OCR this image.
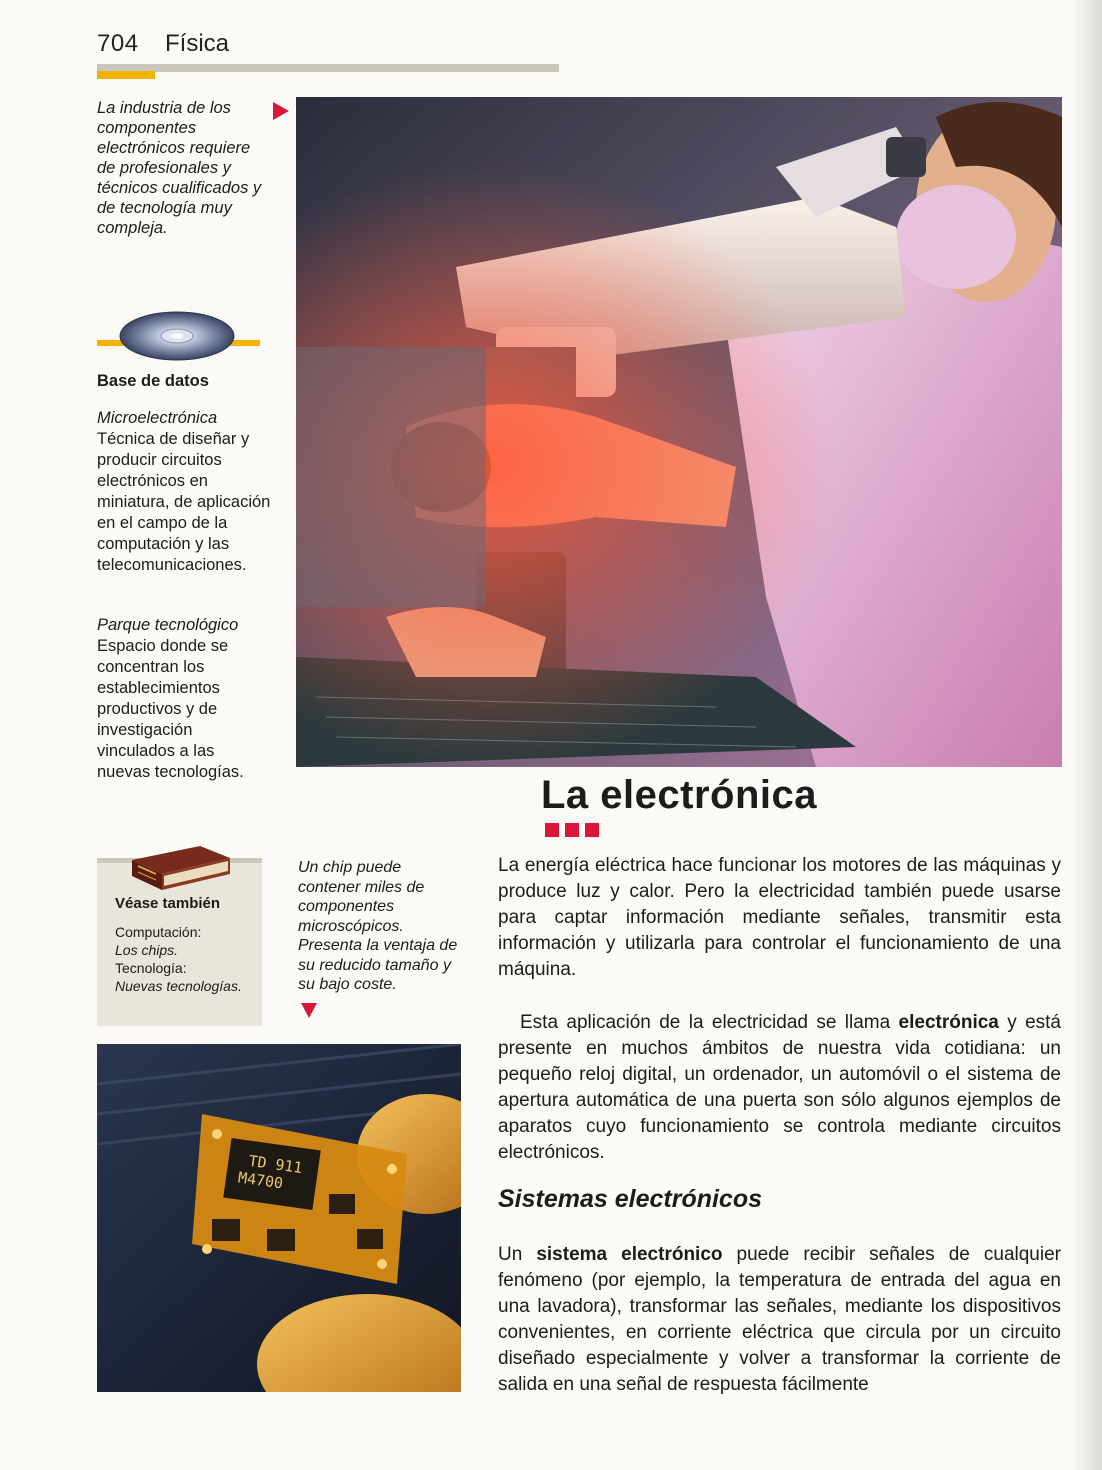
704 Física
La industria de los componentes electrónicos requiere de profesionales y técnicos cualificados y de tecnología muy compleja.
Base de datos
Microelectrónica
Técnica de diseñar y producir circuitos electrónicos en miniatura, de aplicación en el campo de la computación y las telecomunicaciones.
Parque tecnológico
Espacio donde se concentran los establecimientos productivos y de investigación vinculados a las nuevas tecnologías.
Véase también
Computación:
Los chips.
Tecnología:
Nuevas tecnologías.
La electrónica
Un chip puede contener miles de componentes microscópicos. Presenta la ventaja de su reducido tamaño y su bajo coste.
TD 911
M4700
La energía eléctrica hace funcionar los motores de las máquinas y produce luz y calor. Pero la electricidad también puede usarse para captar información mediante señales, transmitir esta información y utilizarla para controlar el funcionamiento de una máquina.
Esta aplicación de la electricidad se llama electrónica y está presente en muchos ámbitos de nuestra vida cotidiana: un pequeño reloj digital, un ordenador, un automóvil o el sistema de apertura automática de una puerta son sólo algunos ejemplos de aparatos cuyo funcionamiento se controla mediante circuitos electrónicos.
Sistemas electrónicos
Un sistema electrónico puede recibir señales de cualquier fenómeno (por ejemplo, la temperatura de entrada del agua en una lavadora), transformar las señales, mediante los dispositivos convenientes, en corriente eléctrica que circula por un circuito diseñado especialmente y volver a transformar la corriente de salida en una señal de respuesta fácilmente
